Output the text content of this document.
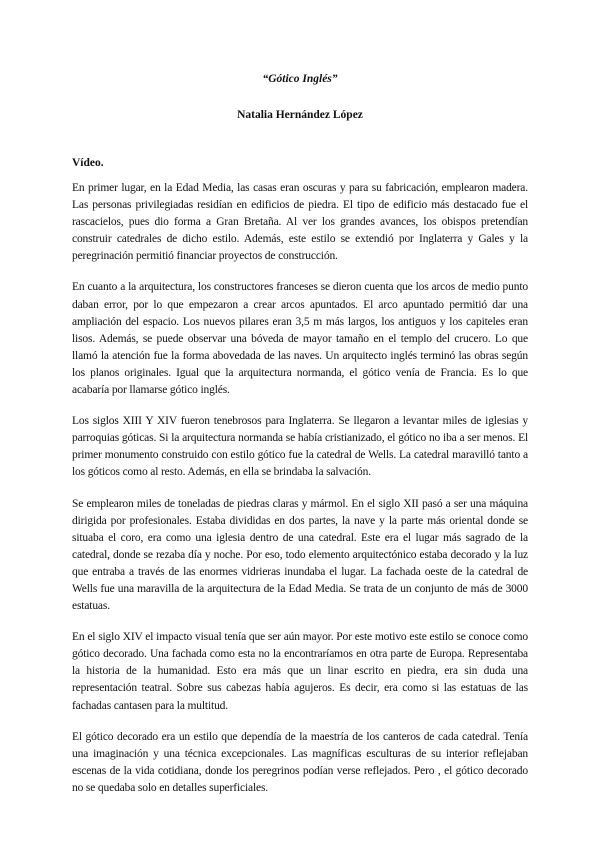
“Gótico Inglés”

Natalia Hernández López

Vídeo.

En primer lugar, en la Edad Media, las casas eran oscuras y para su fabricación, emplearon madera. Las personas privilegiadas residían en edificios de piedra. El tipo de edificio más destacado fue el rascacielos, pues dio forma a Gran Bretaña. Al ver los grandes avances, los obispos pretendían construir catedrales de dicho estilo. Además, este estilo se extendió por Inglaterra y Gales y la peregrinación permitió financiar proyectos de construcción.

En cuanto a la arquitectura, los constructores franceses se dieron cuenta que los arcos de medio punto daban error, por lo que empezaron a crear arcos apuntados. El arco apuntado permitió dar una ampliación del espacio. Los nuevos pilares eran 3,5 m más largos, los antiguos y los capiteles eran lisos. Además, se puede observar una bóveda de mayor tamaño en el templo del crucero. Lo que llamó la atención fue la forma abovedada de las naves. Un arquitecto inglés terminó las obras según los planos originales. Igual que la arquitectura normanda, el gótico venía de Francia. Es lo que acabaría por llamarse gótico inglés.

Los siglos XIII Y XIV fueron tenebrosos para Inglaterra. Se llegaron a levantar miles de iglesias y parroquias góticas. Si la arquitectura normanda se había cristianizado, el gótico no iba a ser menos. El primer monumento construido con estilo gótico fue la catedral de Wells. La catedral maravilló tanto a los góticos como al resto. Además, en ella se brindaba la salvación.

Se emplearon miles de toneladas de piedras claras y mármol. En el siglo XII pasó a ser una máquina dirigida por profesionales. Estaba divididas en dos partes, la nave y la parte más oriental donde se situaba el coro, era como una iglesia dentro de una catedral. Este era el lugar más sagrado de la catedral, donde se rezaba día y noche. Por eso, todo elemento arquitectónico estaba decorado y la luz que entraba a través de las enormes vidrieras inundaba el lugar. La fachada oeste de la catedral de Wells fue una maravilla de la arquitectura de la Edad Media. Se trata de un conjunto de más de 3000 estatuas.

En el siglo XIV el impacto visual tenía que ser aún mayor. Por este motivo este estilo se conoce como gótico decorado. Una fachada como esta no la encontraríamos en otra parte de Europa. Representaba la historia de la humanidad. Esto era más que un linar escrito en piedra, era sin duda una representación teatral. Sobre sus cabezas había agujeros. Es decir, era como si las estatuas de las fachadas cantasen para la multitud.

El gótico decorado era un estilo que dependía de la maestría de los canteros de cada catedral. Tenía una imaginación y una técnica excepcionales. Las magníficas esculturas de su interior reflejaban escenas de la vida cotidiana, donde los peregrinos podían verse reflejados. Pero , el gótico decorado no se quedaba solo en detalles superficiales.
